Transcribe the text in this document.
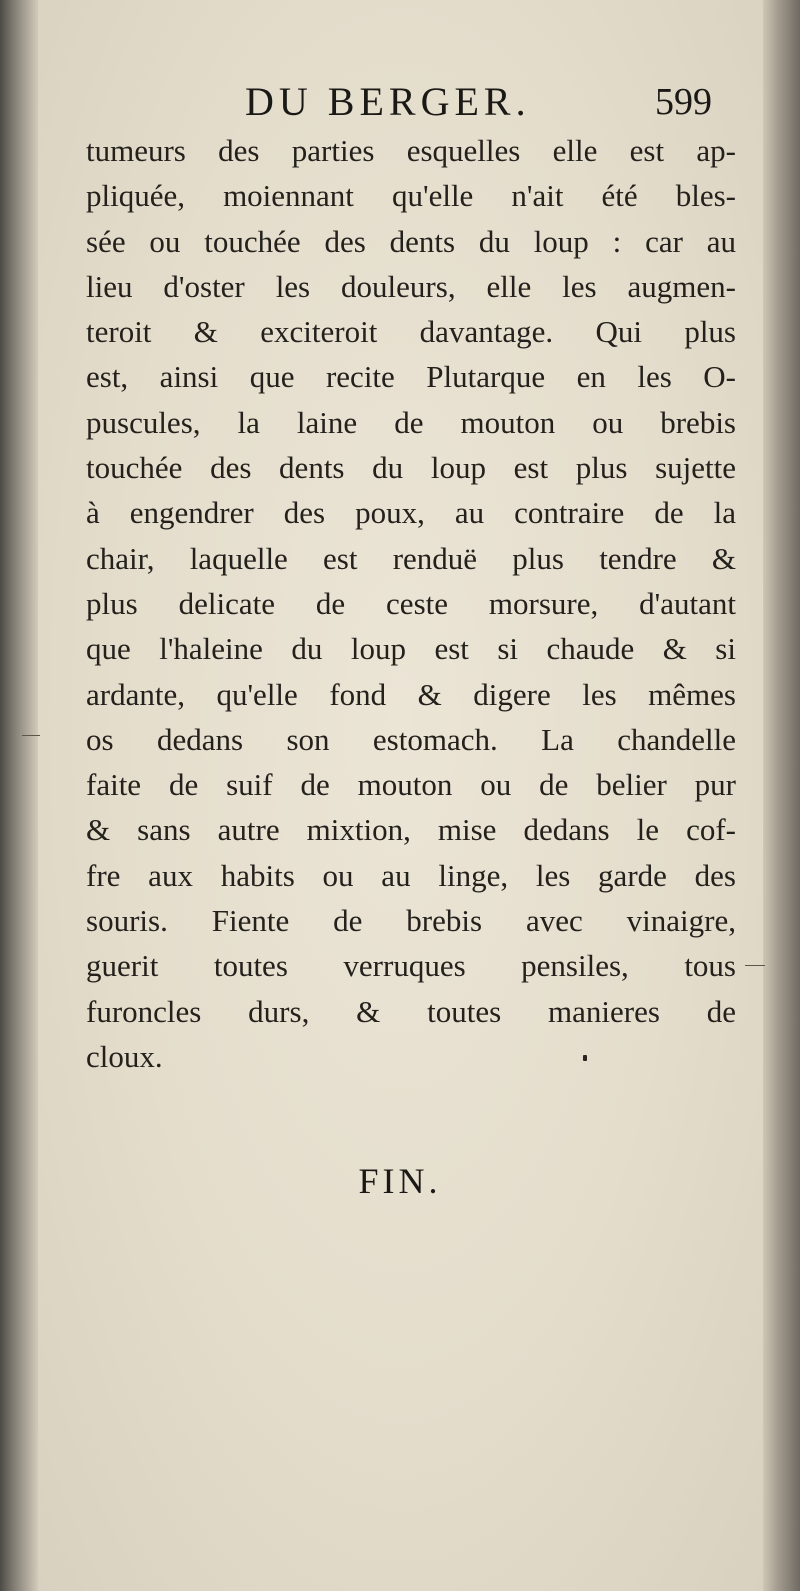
DU BERGER.	599
tumeurs des parties esquelles elle est ap-
pliquée, moiennant qu'elle n'ait été bles-
sée ou touchée des dents du loup : car au
lieu d'oster les douleurs, elle les augmen-
teroit & exciteroit davantage. Qui plus
est, ainsi que recite Plutarque en les O-
puscules, la laine de mouton ou brebis
touchée des dents du loup est plus sujette
à engendrer des poux, au contraire de la
chair, laquelle est renduë plus tendre &
plus delicate de ceste morsure, d'autant
que l'haleine du loup est si chaude & si
ardante, qu'elle fond & digere les mêmes
os dedans son estomach. La chandelle
faite de suif de mouton ou de belier pur
& sans autre mixtion, mise dedans le cof-
fre aux habits ou au linge, les garde des
souris. Fiente de brebis avec vinaigre,
guerit toutes verruques pensiles, tous
furoncles durs, & toutes manieres de
cloux.
FIN.
